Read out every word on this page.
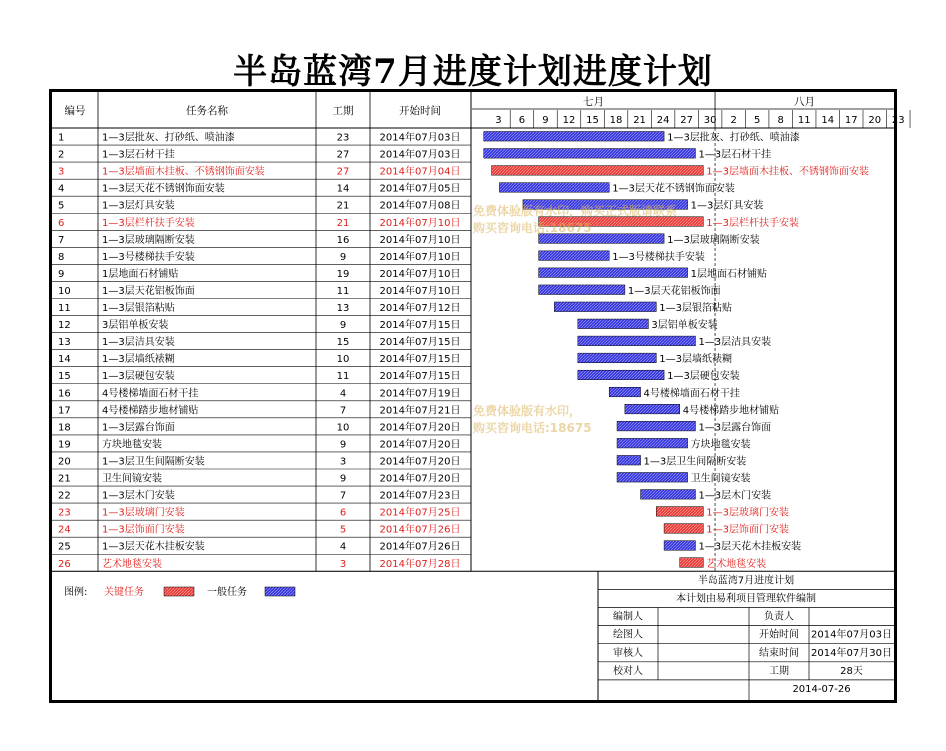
半岛蓝湾7月进度计划进度计划
编号	任务名称	工期	开始时间
七月	八月
3 6 9 12 15 18 21 24 27 30 2 5 8 11 14 17 20 23
1	1—3层批灰、打砂纸、喷油漆	23	2014年07月03日
2	1—3层石材干挂	27	2014年07月03日
3	1—3层墙面木挂板、不锈钢饰面安装	27	2014年07月04日
4	1—3层天花不锈钢饰面安装	14	2014年07月05日
5	1—3层灯具安装	21	2014年07月08日
6	1—3层栏杆扶手安装	21	2014年07月10日
7	1—3层玻璃隔断安装	16	2014年07月10日
8	1—3号楼梯扶手安装	9	2014年07月10日
9	1层地面石材铺贴	19	2014年07月10日
10	1—3层天花铝板饰面	11	2014年07月10日
11	1—3层银箔粘贴	13	2014年07月12日
12	3层铝单板安装	9	2014年07月15日
13	1—3层洁具安装	15	2014年07月15日
14	1—3层墙纸裱糊	10	2014年07月15日
15	1—3层硬包安装	11	2014年07月15日
16	4号楼梯墙面石材干挂	4	2014年07月19日
17	4号楼梯踏步地材铺贴	7	2014年07月21日
18	1—3层露台饰面	10	2014年07月20日
19	方块地毯安装	9	2014年07月20日
20	1—3层卫生间隔断安装	3	2014年07月20日
21	卫生间镜安装	9	2014年07月20日
22	1—3层木门安装	7	2014年07月23日
23	1—3层玻璃门安装	6	2014年07月25日
24	1—3层饰面门安装	5	2014年07月26日
25	1—3层天花木挂板安装	4	2014年07月26日
26	艺术地毯安装	3	2014年07月28日
1—3层批灰、打砂纸、喷油漆
1—3层石材干挂
1—3层墙面木挂板、不锈钢饰面安装
1—3层天花不锈钢饰面安装
1—3层灯具安装
1—3层栏杆扶手安装
1—3层玻璃隔断安装
1—3号楼梯扶手安装
1层地面石材铺贴
1—3层天花铝板饰面
1—3层银箔粘贴
3层铝单板安装
1—3层洁具安装
1—3层墙纸裱糊
1—3层硬包安装
4号楼梯墙面石材干挂
4号楼梯踏步地材铺贴
1—3层露台饰面
方块地毯安装
1—3层卫生间隔断安装
卫生间镜安装
1—3层木门安装
1—3层玻璃门安装
1—3层饰面门安装
1—3层天花木挂板安装
艺术地毯安装
免费体验版有水印，购买正式版请联系
购买咨询电话:18675
免费体验版有水印，
购买咨询电话:18675
图例: 关键任务	一般任务
半岛蓝湾7月进度计划
本计划由易利项目管理软件编制
编制人	负责人
绘图人	开始时间 2014年07月03日
审核人	结束时间 2014年07月30日
校对人	工期	28天
2014-07-26
